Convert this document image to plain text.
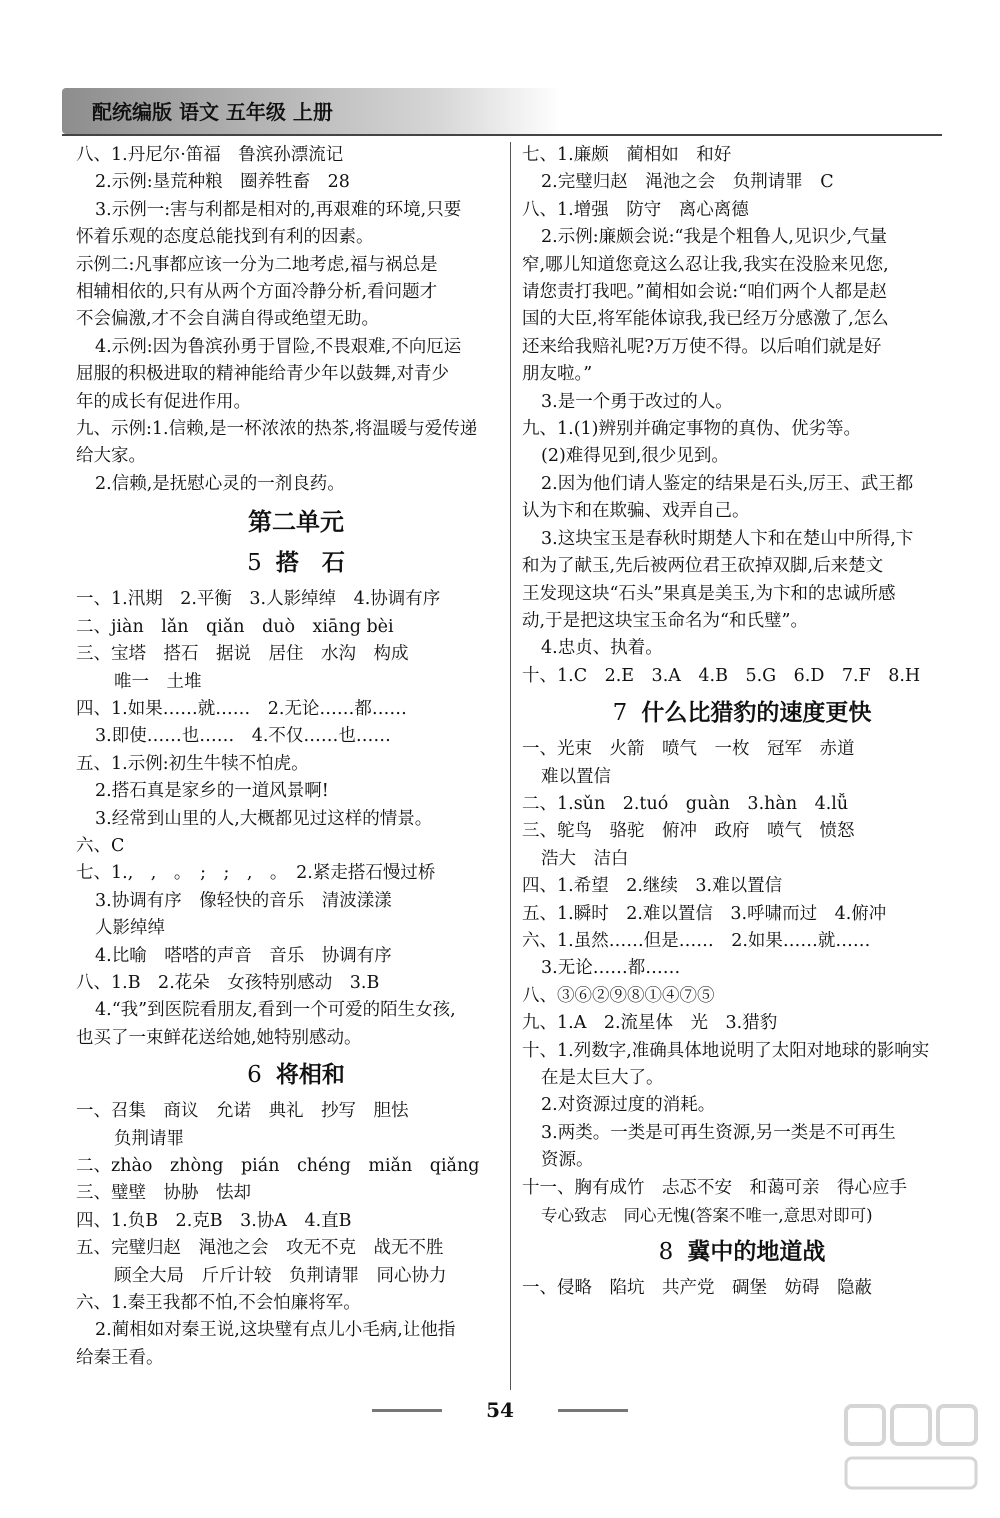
配统编版 语文 五年级 上册
八、1.丹尼尔·笛福　鲁滨孙漂流记
2.示例:垦荒种粮　圈养牲畜　28
3.示例一:害与利都是相对的,再艰难的环境,只要
怀着乐观的态度总能找到有利的因素。
示例二:凡事都应该一分为二地考虑,福与祸总是
相辅相依的,只有从两个方面冷静分析,看问题才
不会偏激,才不会自满自得或绝望无助。
4.示例:因为鲁滨孙勇于冒险,不畏艰难,不向厄运
屈服的积极进取的精神能给青少年以鼓舞,对青少
年的成长有促进作用。
九、示例:1.信赖,是一杯浓浓的热茶,将温暖与爱传递
给大家。
2.信赖,是抚慰心灵的一剂良药。
第二单元
5 搭　石
一、1.汛期　2.平衡　3.人影绰绰　4.协调有序
二、jiàn　lǎn　qiǎn　duò　xiāng bèi
三、宝塔　搭石　据说　居住　水沟　构成
唯一　土堆
四、1.如果……就……　2.无论……都……
3.即使……也……　4.不仅……也……
五、1.示例:初生牛犊不怕虎。
2.搭石真是家乡的一道风景啊!
3.经常到山里的人,大概都见过这样的情景。
六、C
七、1.,　,　。　;　;　,　。　2.紧走搭石慢过桥
3.协调有序　像轻快的音乐　清波漾漾
人影绰绰
4.比喻　嗒嗒的声音　音乐　协调有序
八、1.B　2.花朵　女孩特别感动　3.B
4.“我”到医院看朋友,看到一个可爱的陌生女孩,
也买了一束鲜花送给她,她特别感动。
6 将相和
一、召集　商议　允诺　典礼　抄写　胆怯
负荆请罪
二、zhào　zhòng　pián　chéng　miǎn　qiǎng
三、璧壁　协胁　怯却
四、1.负B　2.克B　3.协A　4.直B
五、完璧归赵　渑池之会　攻无不克　战无不胜
顾全大局　斤斤计较　负荆请罪　同心协力
六、1.秦王我都不怕,不会怕廉将军。
2.蔺相如对秦王说,这块璧有点儿小毛病,让他指
给秦王看。
七、1.廉颇　蔺相如　和好
2.完璧归赵　渑池之会　负荆请罪　C
八、1.增强　防守　离心离德
2.示例:廉颇会说:“我是个粗鲁人,见识少,气量
窄,哪儿知道您竟这么忍让我,我实在没脸来见您,
请您责打我吧。”蔺相如会说:“咱们两个人都是赵
国的大臣,将军能体谅我,我已经万分感激了,怎么
还来给我赔礼呢?万万使不得。以后咱们就是好
朋友啦。”
3.是一个勇于改过的人。
九、1.(1)辨别并确定事物的真伪、优劣等。
(2)难得见到,很少见到。
2.因为他们请人鉴定的结果是石头,厉王、武王都
认为卞和在欺骗、戏弄自己。
3.这块宝玉是春秋时期楚人卞和在楚山中所得,卞
和为了献玉,先后被两位君王砍掉双脚,后来楚文
王发现这块“石头”果真是美玉,为卞和的忠诚所感
动,于是把这块宝玉命名为“和氏璧”。
4.忠贞、执着。
十、1.C　2.E　3.A　4.B　5.G　6.D　7.F　8.H
7 什么比猎豹的速度更快
一、光束　火箭　喷气　一枚　冠军　赤道
难以置信
二、1.sǔn　2.tuó　guàn　3.hàn　4.lǚ
三、鸵鸟　骆驼　俯冲　政府　喷气　愤怒
浩大　洁白
四、1.希望　2.继续　3.难以置信
五、1.瞬时　2.难以置信　3.呼啸而过　4.俯冲
六、1.虽然……但是……　2.如果……就……
3.无论……都……
八、③⑥②⑨⑧①④⑦⑤
九、1.A　2.流星体　光　3.猎豹
十、1.列数字,准确具体地说明了太阳对地球的影响实
在是太巨大了。
2.对资源过度的消耗。
3.两类。一类是可再生资源,另一类是不可再生
资源。
十一、胸有成竹　忐忑不安　和蔼可亲　得心应手
专心致志　同心无愧(答案不唯一,意思对即可)
8 冀中的地道战
一、侵略　陷坑　共产党　碉堡　妨碍　隐蔽
54
